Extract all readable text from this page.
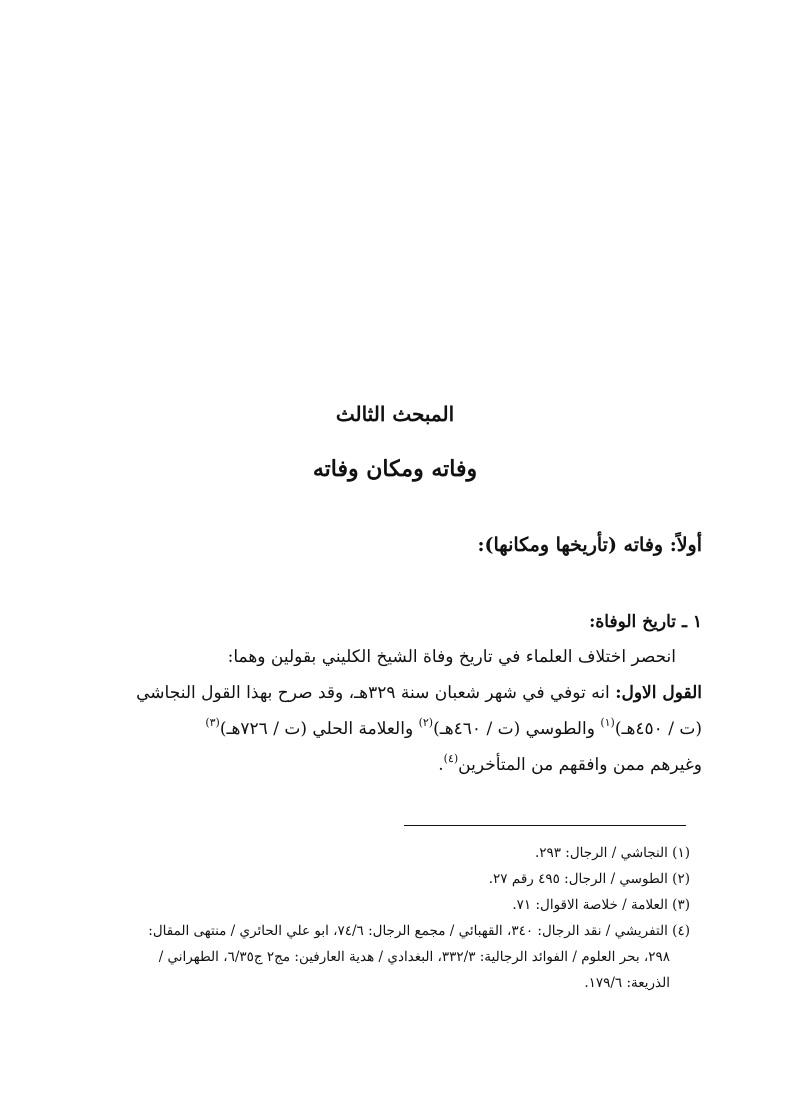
المبحث الثالث
وفاته ومكان وفاته
أولاً: وفاته (تأريخها ومكانها):
١ ـ تاريخ الوفاة:
انحصر اختلاف العلماء في تاريخ وفاة الشيخ الكليني بقولين وهما:
القول الاول: انه توفي في شهر شعبان سنة ٣٢٩هـ، وقد صرح بهذا القول النجاشي
(ت / ٤٥٠هـ)$^{(١)}$ والطوسي (ت / ٤٦٠هـ)$^{(٢)}$ والعلامة الحلي (ت / ٧٢٦هـ)$^{(٣)}$
وغيرهم ممن وافقهم من المتأخرين$^{(٤)}$.
(١) النجاشي / الرجال: ٢٩٣.
(٢) الطوسي / الرجال: ٤٩٥ رقم ٢٧.
(٣) العلامة / خلاصة الاقوال: ٧١.
(٤) التفريشي / نقد الرجال: ٣٤٠، القهبائي / مجمع الرجال: ٧٤/٦، ابو علي الحائري / منتهى المقال:
٢٩٨، بحر العلوم / الفوائد الرجالية: ٣٣٢/٣، البغدادي / هدية العارفين: مج٢ ج٦/٣٥، الطهراني /
الذريعة: ١٧٩/٦.
